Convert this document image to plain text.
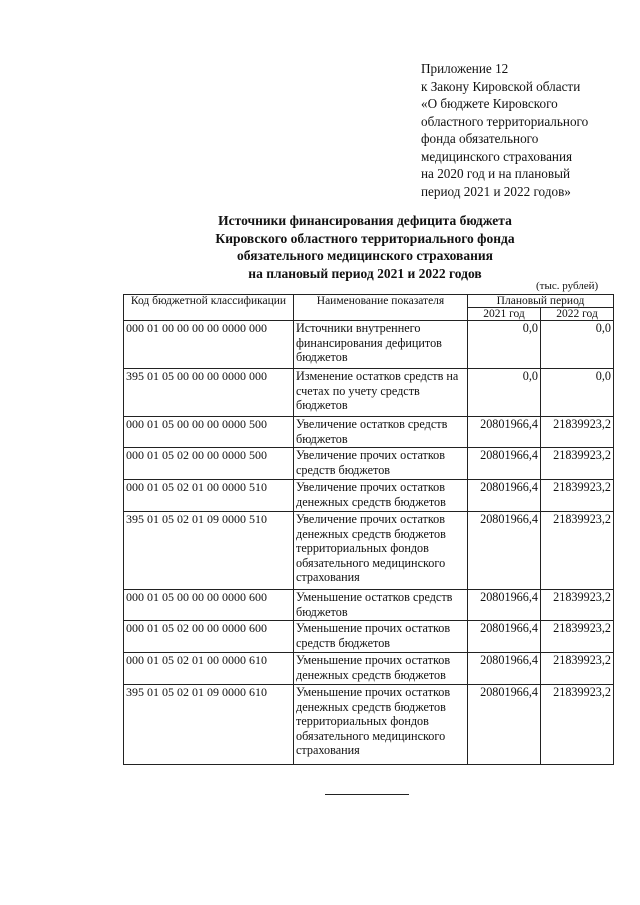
Приложение 12
к Закону Кировской области
«О бюджете Кировского
областного территориального
фонда обязательного
медицинского страхования
на 2020 год и на плановый
период 2021 и 2022 годов»
Источники финансирования дефицита бюджета
Кировского областного территориального фонда
обязательного медицинского страхования
на плановый период 2021 и 2022 годов
(тыс. рублей)
Код бюджетной классификации	Наименование показателя	Плановый период	
		2021 год	2022 год
000 01 00 00 00 00 0000 000	Источники внутреннего финансирования дефицитов бюджетов	0,0	0,0
395 01 05 00 00 00 0000 000	Изменение остатков средств на счетах по учету средств бюджетов	0,0	0,0
000 01 05 00 00 00 0000 500	Увеличение остатков средств бюджетов	20801966,4	21839923,2
000 01 05 02 00 00 0000 500	Увеличение прочих остатков средств бюджетов	20801966,4	21839923,2
000 01 05 02 01 00 0000 510	Увеличение прочих остатков денежных средств бюджетов	20801966,4	21839923,2
395 01 05 02 01 09 0000 510	Увеличение прочих остатков денежных средств бюджетов территориальных фондов обязательного медицинского страхования	20801966,4	21839923,2
000 01 05 00 00 00 0000 600	Уменьшение остатков средств бюджетов	20801966,4	21839923,2
000 01 05 02 00 00 0000 600	Уменьшение прочих остатков средств бюджетов	20801966,4	21839923,2
000 01 05 02 01 00 0000 610	Уменьшение прочих остатков денежных средств бюджетов	20801966,4	21839923,2
395 01 05 02 01 09 0000 610	Уменьшение прочих остатков денежных средств бюджетов территориальных фондов обязательного медицинского страхования	20801966,4	21839923,2
